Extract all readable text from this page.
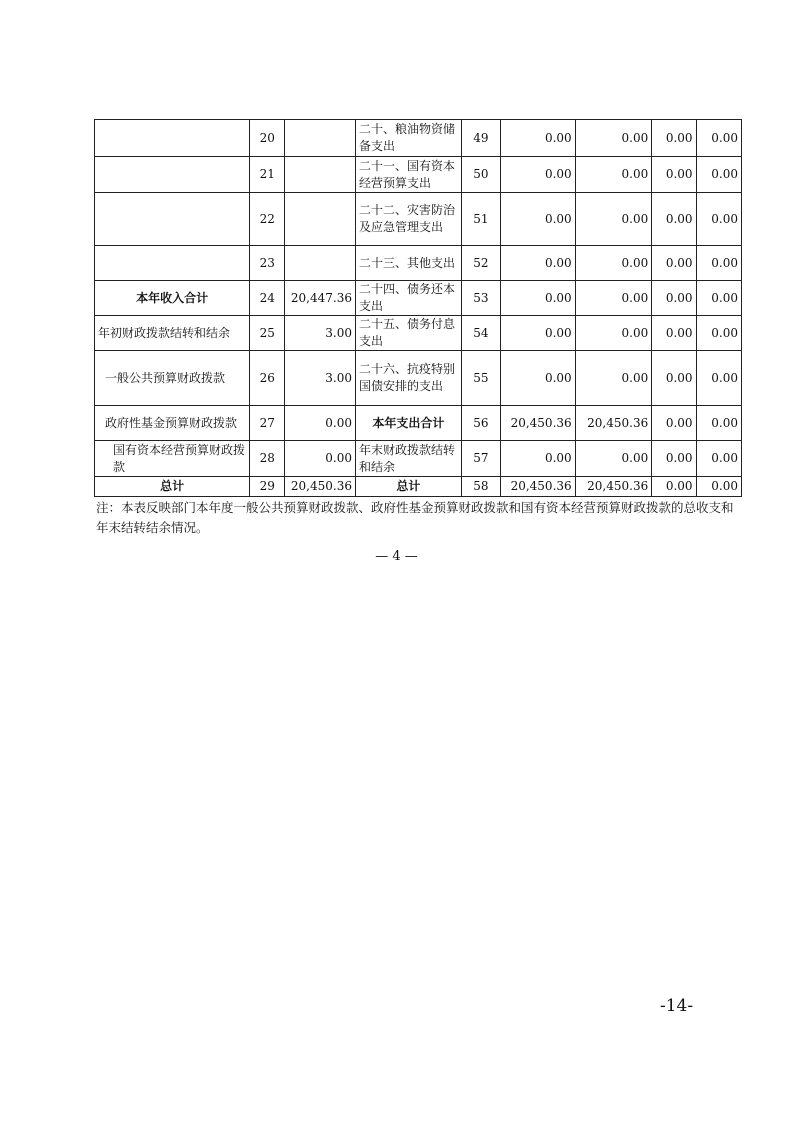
	20		二十、粮油物资储备支出	49	0.00	0.00	0.00	0.00
	21		二十一、国有资本经营预算支出	50	0.00	0.00	0.00	0.00
	22		二十二、灾害防治及应急管理支出	51	0.00	0.00	0.00	0.00
	23		二十三、其他支出	52	0.00	0.00	0.00	0.00
本年收入合计	24	20,447.36	二十四、债务还本支出	53	0.00	0.00	0.00	0.00
年初财政拨款结转和结余	25	3.00	二十五、债务付息支出	54	0.00	0.00	0.00	0.00
一般公共预算财政拨款	26	3.00	二十六、抗疫特别国债安排的支出	55	0.00	0.00	0.00	0.00
政府性基金预算财政拨款	27	0.00	本年支出合计	56	20,450.36	20,450.36	0.00	0.00
国有资本经营预算财政拨款	28	0.00	年末财政拨款结转和结余	57	0.00	0.00	0.00	0.00
总计	29	20,450.36	总计	58	20,450.36	20,450.36	0.00	0.00

注：本表反映部门本年度一般公共预算财政拨款、政府性基金预算财政拨款和国有资本经营预算财政拨款的总收支和年末结转结余情况。

— 4 —
-14-
